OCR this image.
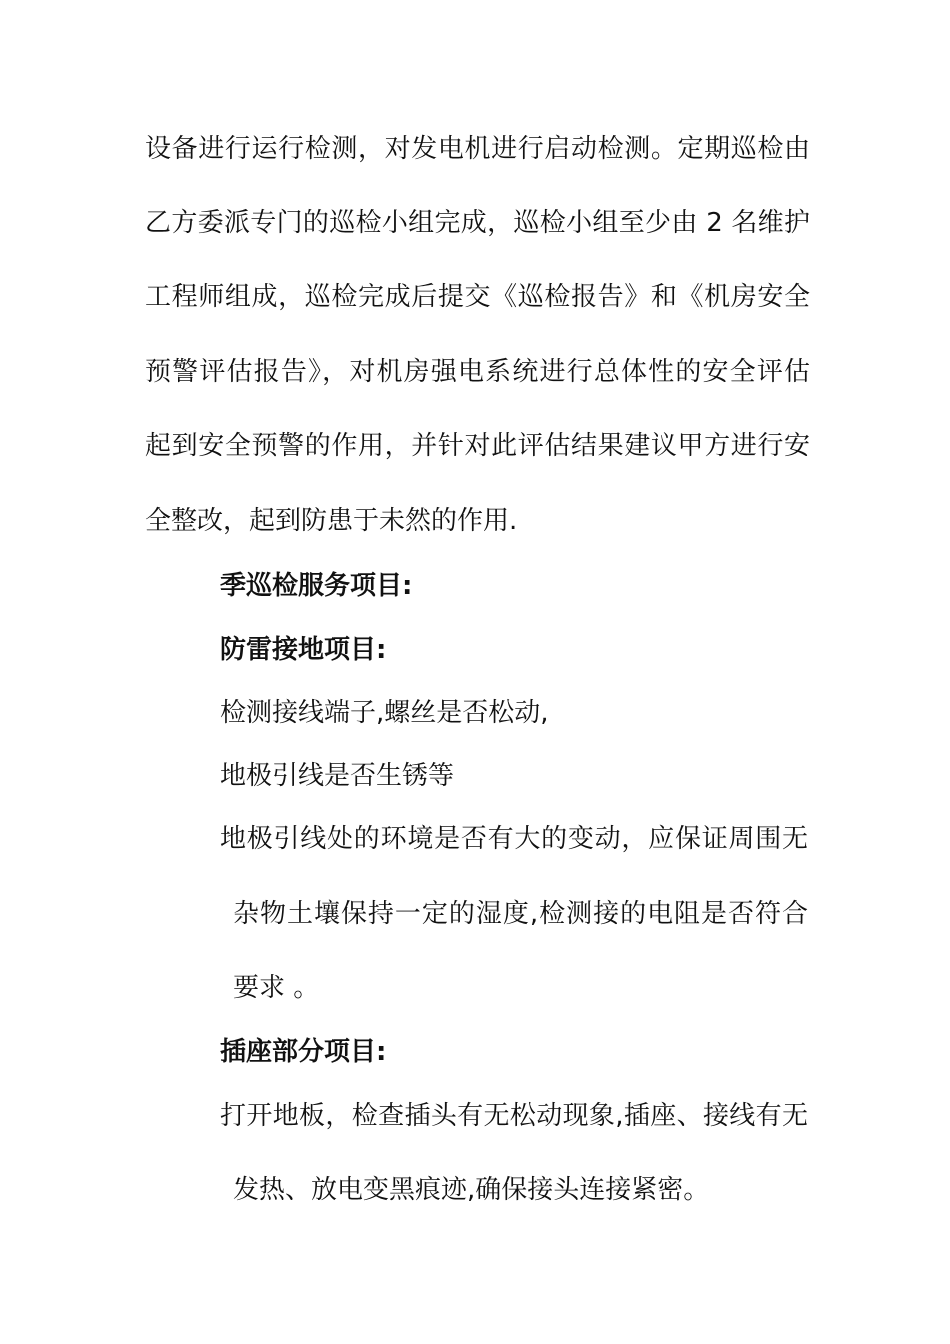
设备进行运行检测，对发电机进行启动检测。定期巡检由
乙方委派专门的巡检小组完成，巡检小组至少由 2 名维护
工程师组成，巡检完成后提交《巡检报告》和《机房安全
预警评估报告》，对机房强电系统进行总体性的安全评估
起到安全预警的作用，并针对此评估结果建议甲方进行安
全整改，起到防患于未然的作用.
季巡检服务项目:
防雷接地项目:
检测接线端子,螺丝是否松动,
地极引线是否生锈等
地极引线处的环境是否有大的变动，应保证周围无
杂物土壤保持一定的湿度,检测接的电阻是否符合
要求 。
插座部分项目:
打开地板，检查插头有无松动现象,插座、接线有无
发热、放电变黑痕迹,确保接头连接紧密。
